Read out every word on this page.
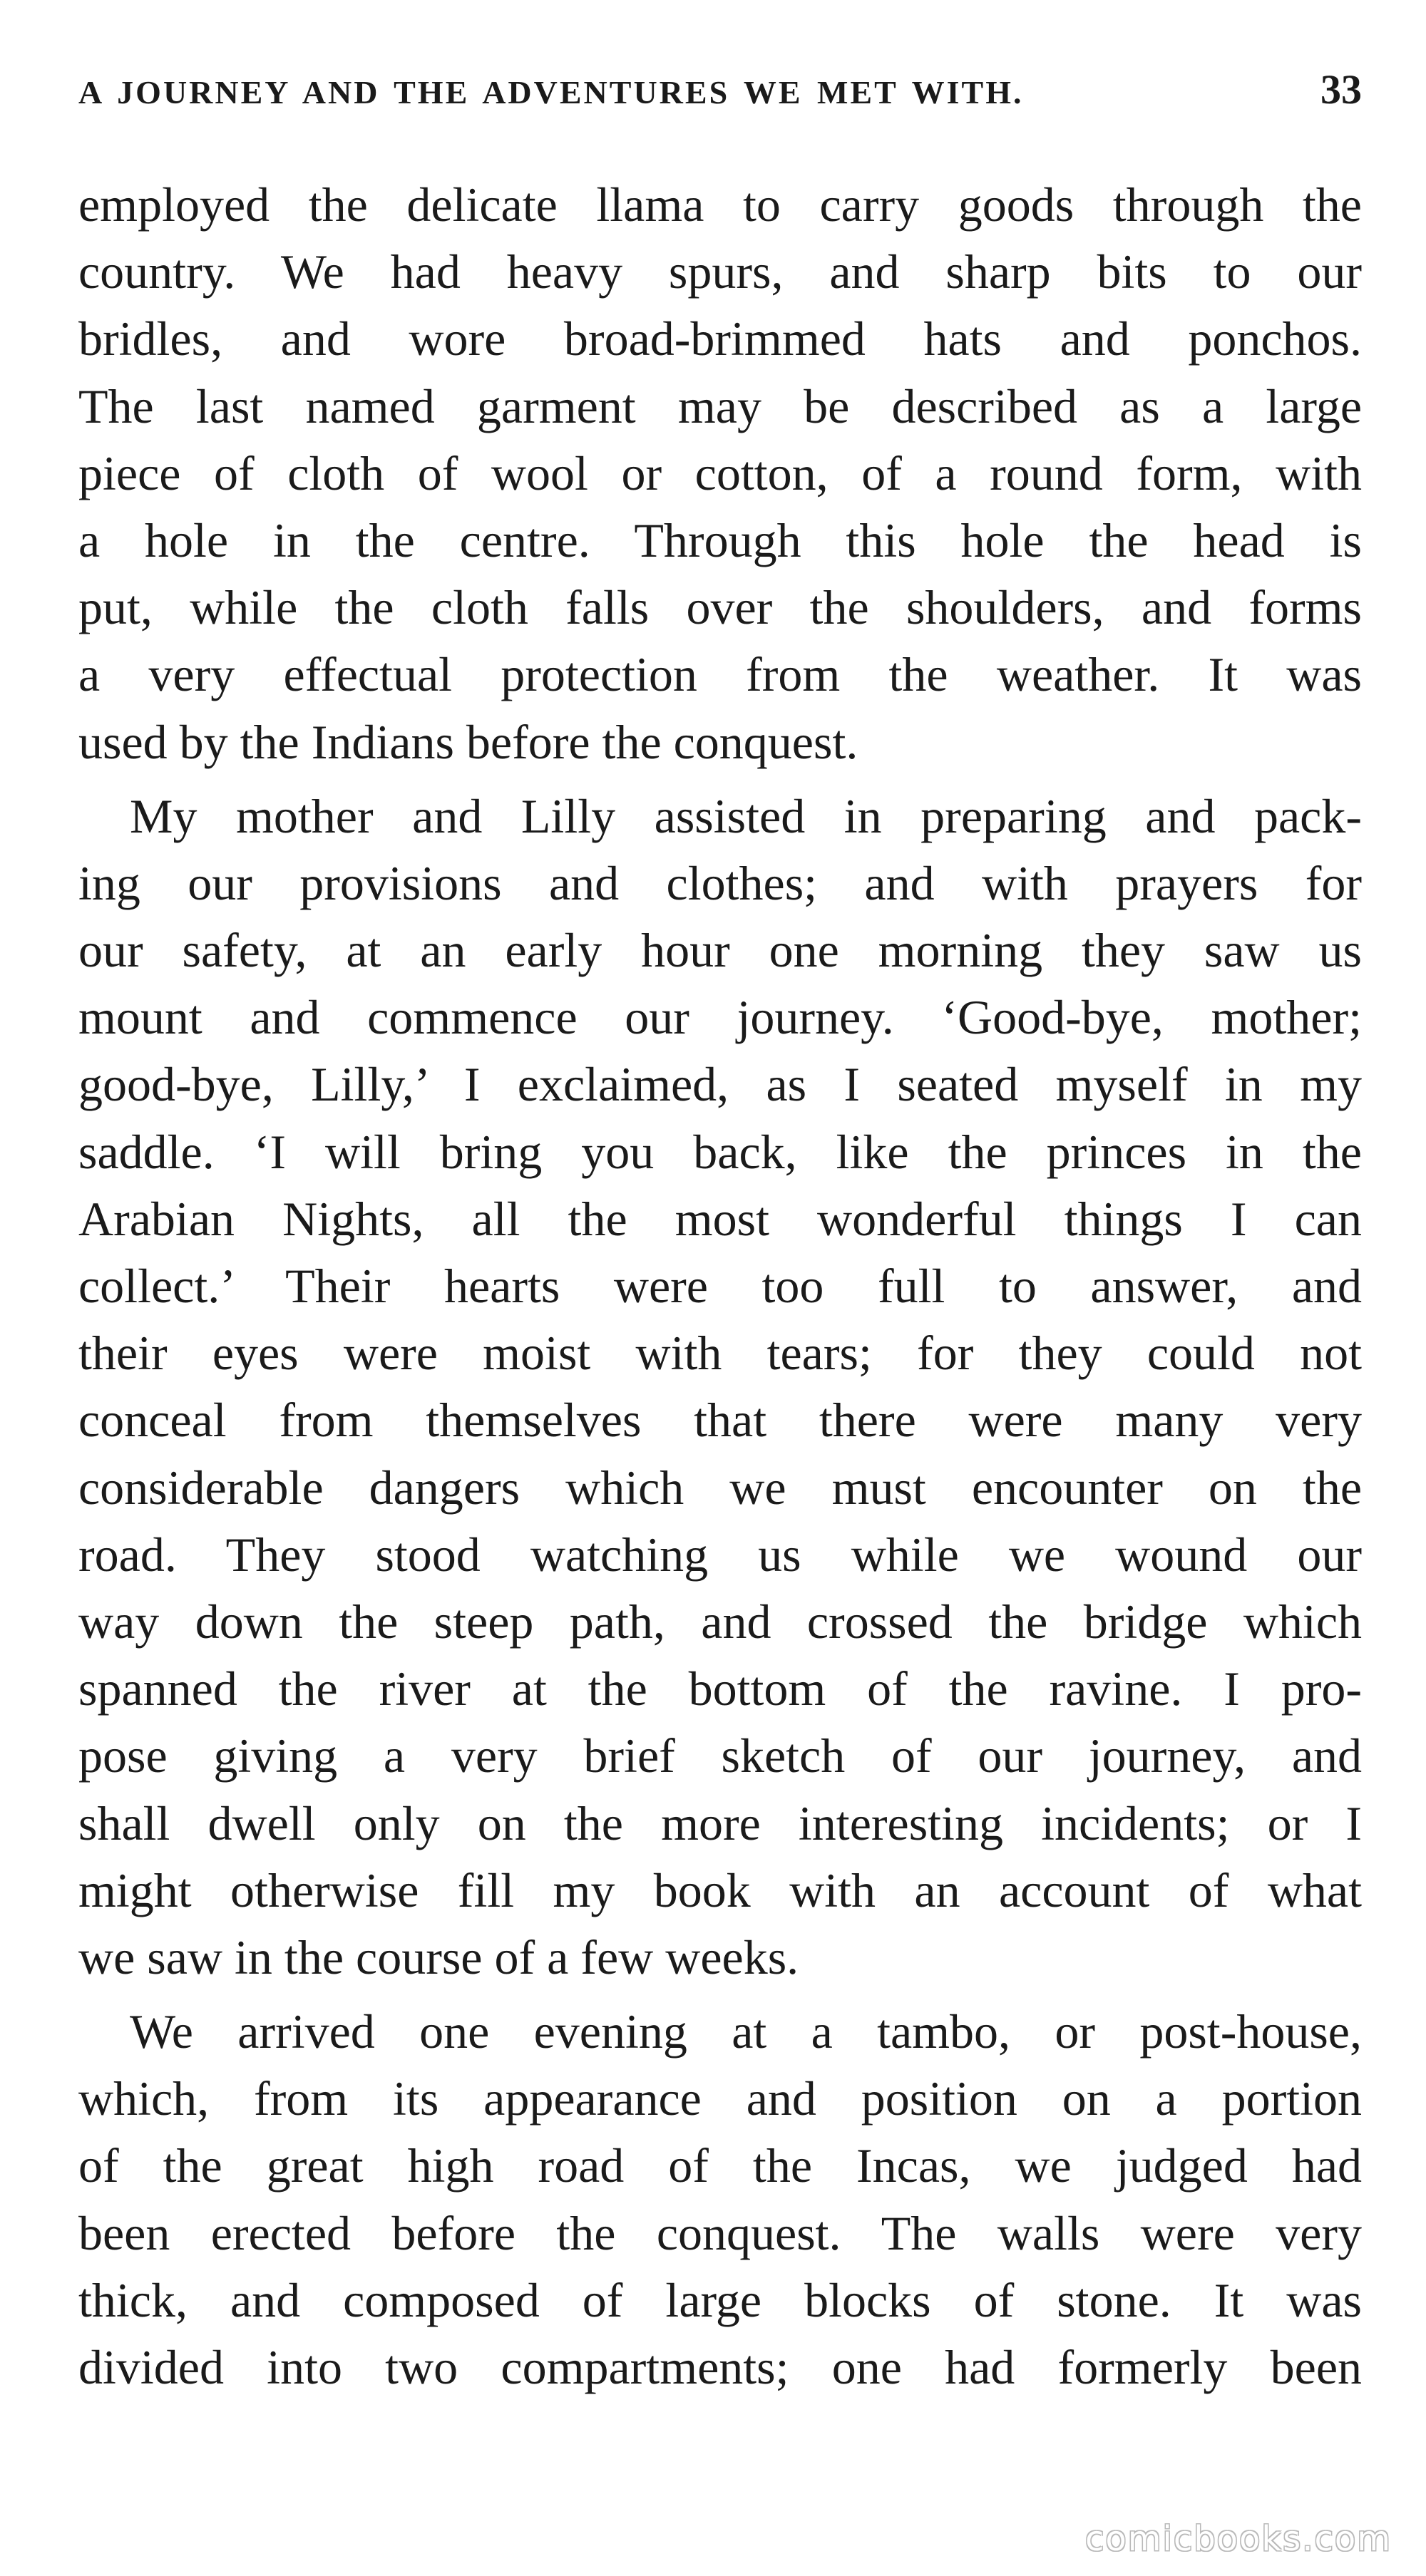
A JOURNEY AND THE ADVENTURES WE MET WITH.	33
employed the delicate llama to carry goods through the
country. We had heavy spurs, and sharp bits to our
bridles, and wore broad-brimmed hats and ponchos.
The last named garment may be described as a large
piece of cloth of wool or cotton, of a round form, with
a hole in the centre. Through this hole the head is
put, while the cloth falls over the shoulders, and forms
a very effectual protection from the weather. It was
used by the Indians before the conquest.
My mother and Lilly assisted in preparing and pack-
ing our provisions and clothes; and with prayers for
our safety, at an early hour one morning they saw us
mount and commence our journey. ‘Good-bye, mother;
good-bye, Lilly,’ I exclaimed, as I seated myself in my
saddle. ‘I will bring you back, like the princes in the
Arabian Nights, all the most wonderful things I can
collect.’ Their hearts were too full to answer, and
their eyes were moist with tears; for they could not
conceal from themselves that there were many very
considerable dangers which we must encounter on the
road. They stood watching us while we wound our
way down the steep path, and crossed the bridge which
spanned the river at the bottom of the ravine. I pro-
pose giving a very brief sketch of our journey, and
shall dwell only on the more interesting incidents; or I
might otherwise fill my book with an account of what
we saw in the course of a few weeks.
We arrived one evening at a tambo, or post-house,
which, from its appearance and position on a portion
of the great high road of the Incas, we judged had
been erected before the conquest. The walls were very
thick, and composed of large blocks of stone. It was
divided into two compartments; one had formerly been
comicbooks.com
